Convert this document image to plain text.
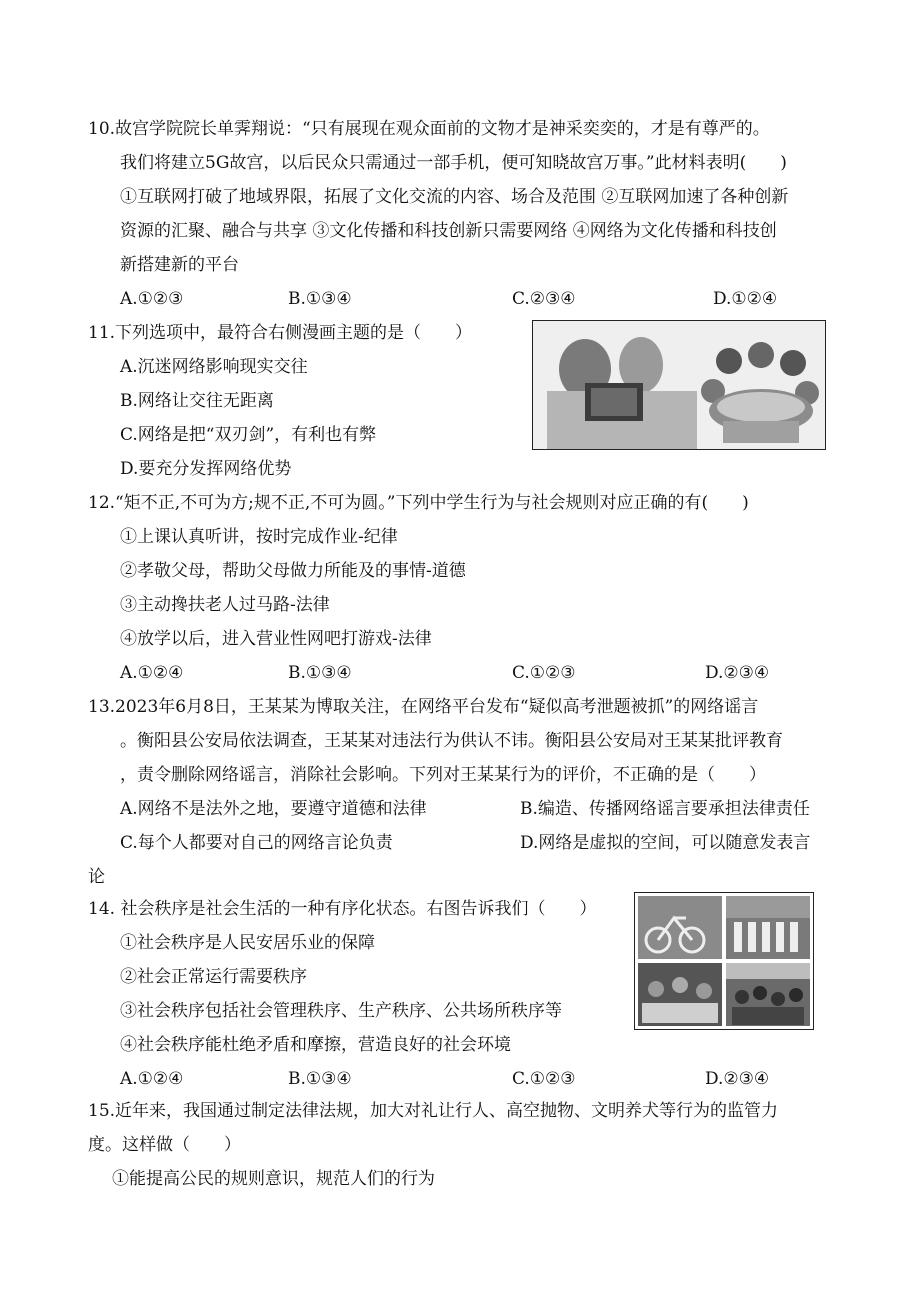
10.故宫学院院长单霁翔说：“只有展现在观众面前的文物才是神采奕奕的，才是有尊严的。
我们将建立5G故宫，以后民众只需通过一部手机，便可知晓故宫万事。”此材料表明(　　)
①互联网打破了地域界限，拓展了文化交流的内容、场合及范围 ②互联网加速了各种创新
资源的汇聚、融合与共享 ③文化传播和科技创新只需要网络 ④网络为文化传播和科技创
新搭建新的平台
A.①②③	B.①③④	C.②③④	D.①②④
11.下列选项中，最符合右侧漫画主题的是（　　）
A.沉迷网络影响现实交往
B.网络让交往无距离
C.网络是把“双刃剑”，有利也有弊
D.要充分发挥网络优势
12.“矩不正,不可为方;规不正,不可为圆。”下列中学生行为与社会规则对应正确的有(　　)
①上课认真听讲，按时完成作业-纪律
②孝敬父母，帮助父母做力所能及的事情-道德
③主动搀扶老人过马路-法律
④放学以后，进入营业性网吧打游戏-法律
A.①②④	B.①③④	C.①②③	D.②③④
13.2023年6月8日，王某某为博取关注，在网络平台发布“疑似高考泄题被抓”的网络谣言
。衡阳县公安局依法调查，王某某对违法行为供认不讳。衡阳县公安局对王某某批评教育
，责令删除网络谣言，消除社会影响。下列对王某某行为的评价，不正确的是（　　）
A.网络不是法外之地，要遵守道德和法律	B.编造、传播网络谣言要承担法律责任
C.每个人都要对自己的网络言论负责	D.网络是虚拟的空间，可以随意发表言
论
14. 社会秩序是社会生活的一种有序化状态。右图告诉我们（　　）
①社会秩序是人民安居乐业的保障
②社会正常运行需要秩序
③社会秩序包括社会管理秩序、生产秩序、公共场所秩序等
④社会秩序能杜绝矛盾和摩擦，营造良好的社会环境
A.①②④	B.①③④	C.①②③	D.②③④
15.近年来，我国通过制定法律法规，加大对礼让行人、高空抛物、文明养犬等行为的监管力
度。这样做（　　）
①能提高公民的规则意识，规范人们的行为
